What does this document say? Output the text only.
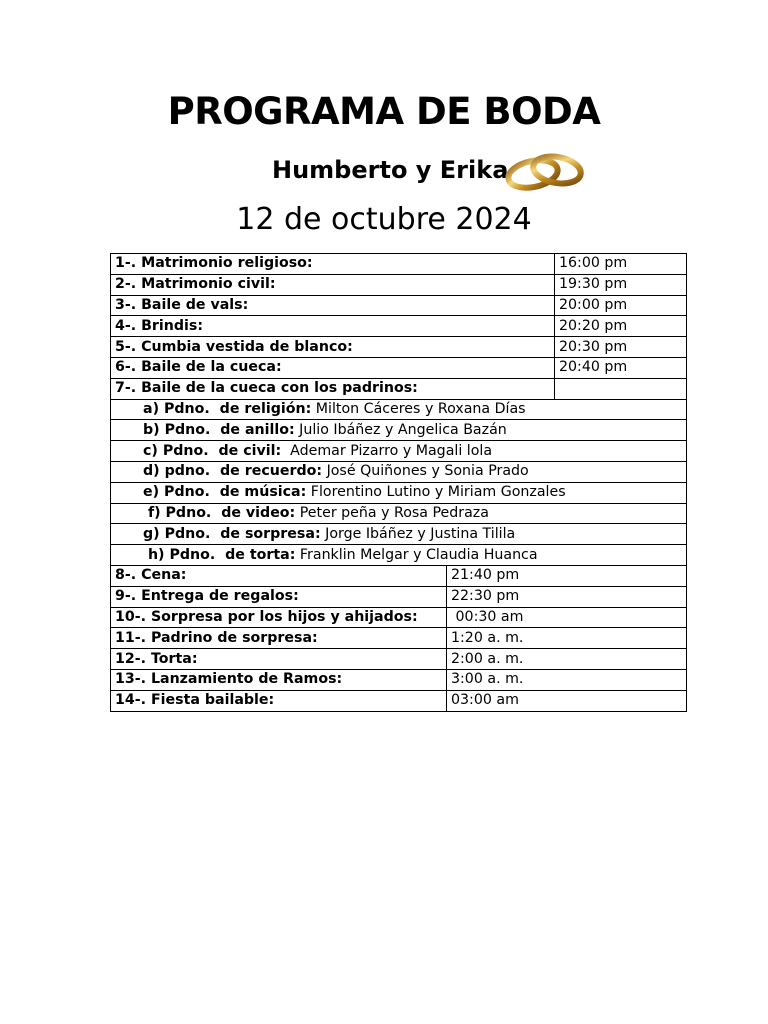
PROGRAMA DE BODA
Humberto y Erika
12 de octubre 2024
1-. Matrimonio religioso:		16:00 pm
2-. Matrimonio civil:		19:30 pm
3-. Baile de vals:		20:00 pm
4-. Brindis:		20:20 pm
5-. Cumbia vestida de blanco:		20:30 pm
6-. Baile de la cueca:		20:40 pm
7-. Baile de la cueca con los padrinos:		
a) Pdno.  de religión: Milton Cáceres y Roxana Días		
b) Pdno.  de anillo: Julio Ibáñez y Angelica Bazán		
c) Pdno.  de civil:  Ademar Pizarro y Magali lola		
d) pdno.  de recuerdo: José Quiñones y Sonia Prado		
e) Pdno.  de música: Florentino Lutino y Miriam Gonzales		
f) Pdno.  de video: Peter peña y Rosa Pedraza		
g) Pdno.  de sorpresa: Jorge Ibáñez y Justina Tilila		
h) Pdno.  de torta: Franklin Melgar y Claudia Huanca		
8-. Cena:	21:40 pm	
9-. Entrega de regalos:	22:30 pm	
10-. Sorpresa por los hijos y ahijados:	00:30 am	
11-. Padrino de sorpresa:	1:20 a. m.	
12-. Torta:	2:00 a. m.	
13-. Lanzamiento de Ramos:	3:00 a. m.	
14-. Fiesta bailable:	03:00 am	
